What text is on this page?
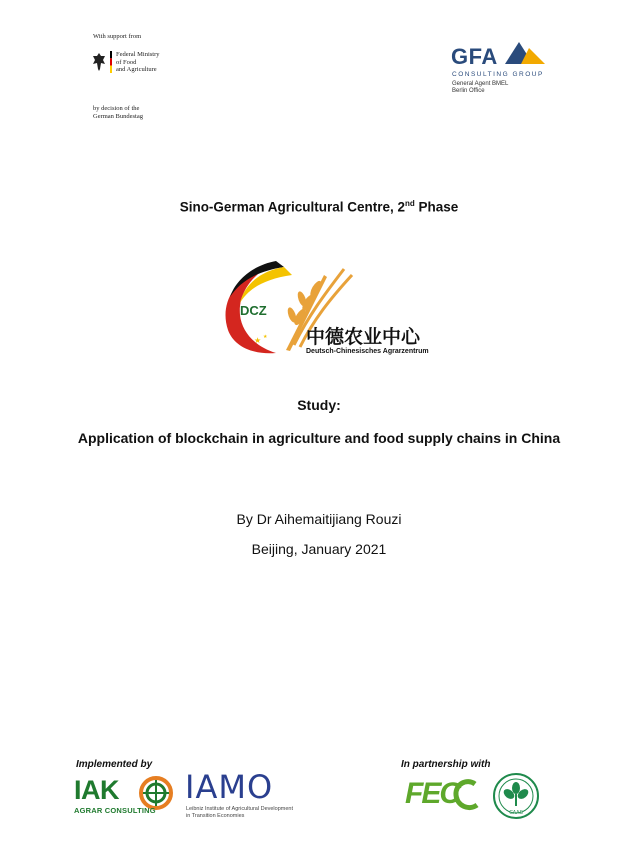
With support from
Federal Ministry
of Food
and Agriculture
by decision of the
German Bundestag
GFA
CONSULTING GROUP
General Agent BMEL
Berlin Office
Sino-German Agricultural Centre, 2nd Phase
★ ★
DCZ
中德农业中心
Deutsch-Chinesisches Agrarzentrum
Study:
Application of blockchain in agriculture and food supply chains in China
By Dr Aihemaitijiang Rouzi
Beijing, January 2021
Implemented by
IAK
AGRAR CONSULTING
IAMO
Leibniz Institute of Agricultural Development
in Transition Economies
In partnership with
FEC
CAAS
